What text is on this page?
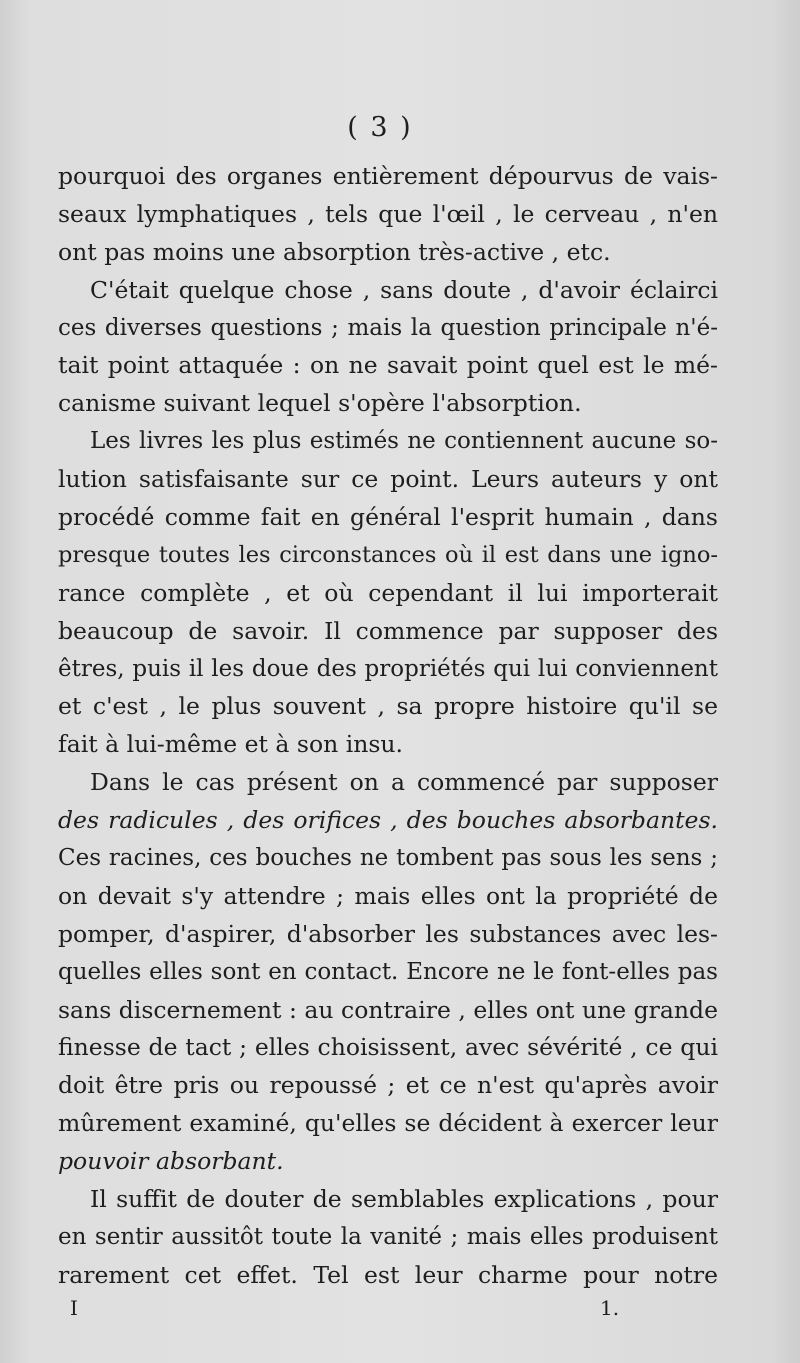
( 3 )
pourquoi des organes entièrement dépourvus de vais-
seaux lymphatiques , tels que l'œil , le cerveau , n'en
ont pas moins une absorption très-active , etc.
C'était quelque chose , sans doute , d'avoir éclairci
ces diverses questions ; mais la question principale n'é-
tait point attaquée : on ne savait point quel est le mé-
canisme suivant lequel s'opère l'absorption.
Les livres les plus estimés ne contiennent aucune so-
lution satisfaisante sur ce point. Leurs auteurs y ont
procédé comme fait en général l'esprit humain , dans
presque toutes les circonstances où il est dans une igno-
rance complète , et où cependant il lui importerait
beaucoup de savoir. Il commence par supposer des
êtres, puis il les doue des propriétés qui lui conviennent
et c'est , le plus souvent , sa propre histoire qu'il se
fait à lui-même et à son insu.
Dans le cas présent on a commencé par supposer
des radicules , des orifices , des bouches absorbantes.
Ces racines, ces bouches ne tombent pas sous les sens ;
on devait s'y attendre ; mais elles ont la propriété de
pomper, d'aspirer, d'absorber les substances avec les-
quelles elles sont en contact. Encore ne le font-elles pas
sans discernement : au contraire , elles ont une grande
finesse de tact ; elles choisissent, avec sévérité , ce qui
doit être pris ou repoussé ; et ce n'est qu'après avoir
mûrement examiné, qu'elles se décident à exercer leur
pouvoir absorbant.
Il suffit de douter de semblables explications , pour
en sentir aussitôt toute la vanité ; mais elles produisent
rarement cet effet. Tel est leur charme pour notre
I	1.
